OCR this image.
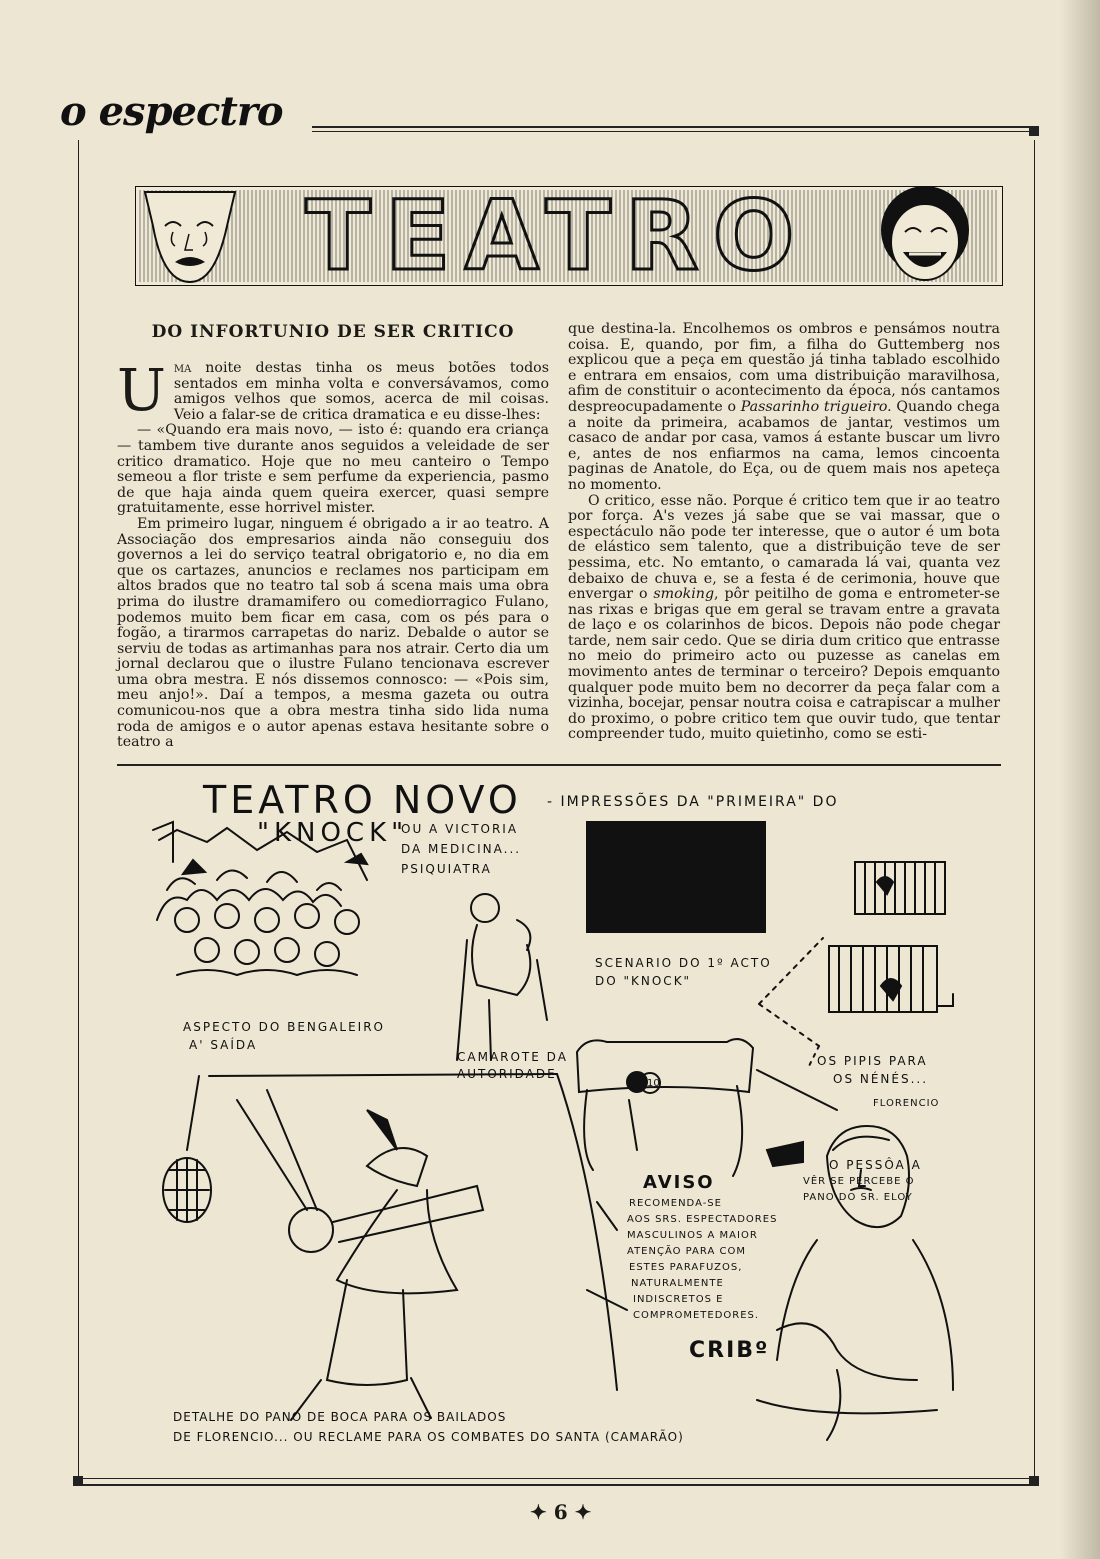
o espectro
TEATRO
DO INFORTUNIO DE SER CRITICO

Uma noite destas tinha os meus botões todos sentados em minha volta e conversávamos, como amigos velhos que somos, acerca de mil coisas. Veio a falar-se de critica dramatica e eu disse-lhes:

— «Quando era mais novo, — isto é: quando era criança — tambem tive durante anos seguidos a veleidade de ser critico dramatico. Hoje que no meu canteiro o Tempo semeou a flor triste e sem perfume da experiencia, pasmo de que haja ainda quem queira exercer, quasi sempre gratuitamente, esse horrivel mister.

Em primeiro lugar, ninguem é obrigado a ir ao teatro. A Associação dos empresarios ainda não conseguiu dos governos a lei do serviço teatral obrigatorio e, no dia em que os cartazes, anuncios e reclames nos participam em altos brados que no teatro tal sob á scena mais uma obra prima do ilustre dramamifero ou comediorragico Fulano, podemos muito bem ficar em casa, com os pés para o fogão, a tirarmos carrapetas do nariz. Debalde o autor se serviu de todas as artimanhas para nos atrair. Certo dia um jornal declarou que o ilustre Fulano tencionava escrever uma obra mestra. E nós dissemos connosco: — «Pois sim, meu anjo!». Daí a tempos, a mesma gazeta ou outra comunicou-nos que a obra mestra tinha sido lida numa roda de amigos e o autor apenas estava hesitante sobre o teatro a

que destina-la. Encolhemos os ombros e pensámos noutra coisa. E, quando, por fim, a filha do Guttemberg nos explicou que a peça em questão já tinha tablado escolhido e entrara em ensaios, com uma distribuição maravilhosa, afim de constituir o acontecimento da época, nós cantamos despreocupadamente o Passarinho trigueiro. Quando chega a noite da primeira, acabamos de jantar, vestimos um casaco de andar por casa, vamos á estante buscar um livro e, antes de nos enfiarmos na cama, lemos cincoenta paginas de Anatole, do Eça, ou de quem mais nos apeteça no momento.

O critico, esse não. Porque é critico tem que ir ao teatro por força. A's vezes já sabe que se vai massar, que o espectáculo não pode ter interesse, que o autor é um bota de elástico sem talento, que a distribuição teve de ser pessima, etc. No emtanto, o camarada lá vai, quanta vez debaixo de chuva e, se a festa é de cerimonia, houve que envergar o smoking, pôr peitilho de goma e entrometer-se nas rixas e brigas que em geral se travam entre a gravata de laço e os colarinhos de bicos. Depois não pode chegar tarde, nem sair cedo. Que se diria dum critico que entrasse no meio do primeiro acto ou puzesse as canelas em movimento antes de terminar o terceiro? Depois emquanto qualquer pode muito bem no decorrer da peça falar com a vizinha, bocejar, pensar noutra coisa e catrapiscar a mulher do proximo, o pobre critico tem que ouvir tudo, que tentar compreender tudo, muito quietinho, como se esti-

TEATRO NOVO - IMPRESSÕES DA "PRIMEIRA" DO
"KNOCK"
OU A VICTORIA
DA MEDICINA...
PSIQUIATRA
ASPECTO DO BENGALEIRO
A' SAÍDA
CAMAROTE DA
AUTORIDADE
10
SCENARIO DO 1º ACTO
DO "KNOCK"
OS PIPIS PARA
OS NÉNÉS...
FLORENCIO
O PESSÔA A
VÊR SE PERCEBE O
PANO DO SR. ELOY
AVISO
RECOMENDA-SE
AOS SRS. ESPECTADORES
MASCULINOS A MAIOR
ATENÇÃO PARA COM
ESTES PARAFUZOS,
NATURALMENTE
INDISCRETOS E
COMPROMETEDORES.
CRIBº
DETALHE DO PANO DE BOCA PARA OS BAILADOS
DE FLORENCIO... OU RECLAME PARA OS COMBATES DO SANTA (CAMARÃO)
✦ 6 ✦
